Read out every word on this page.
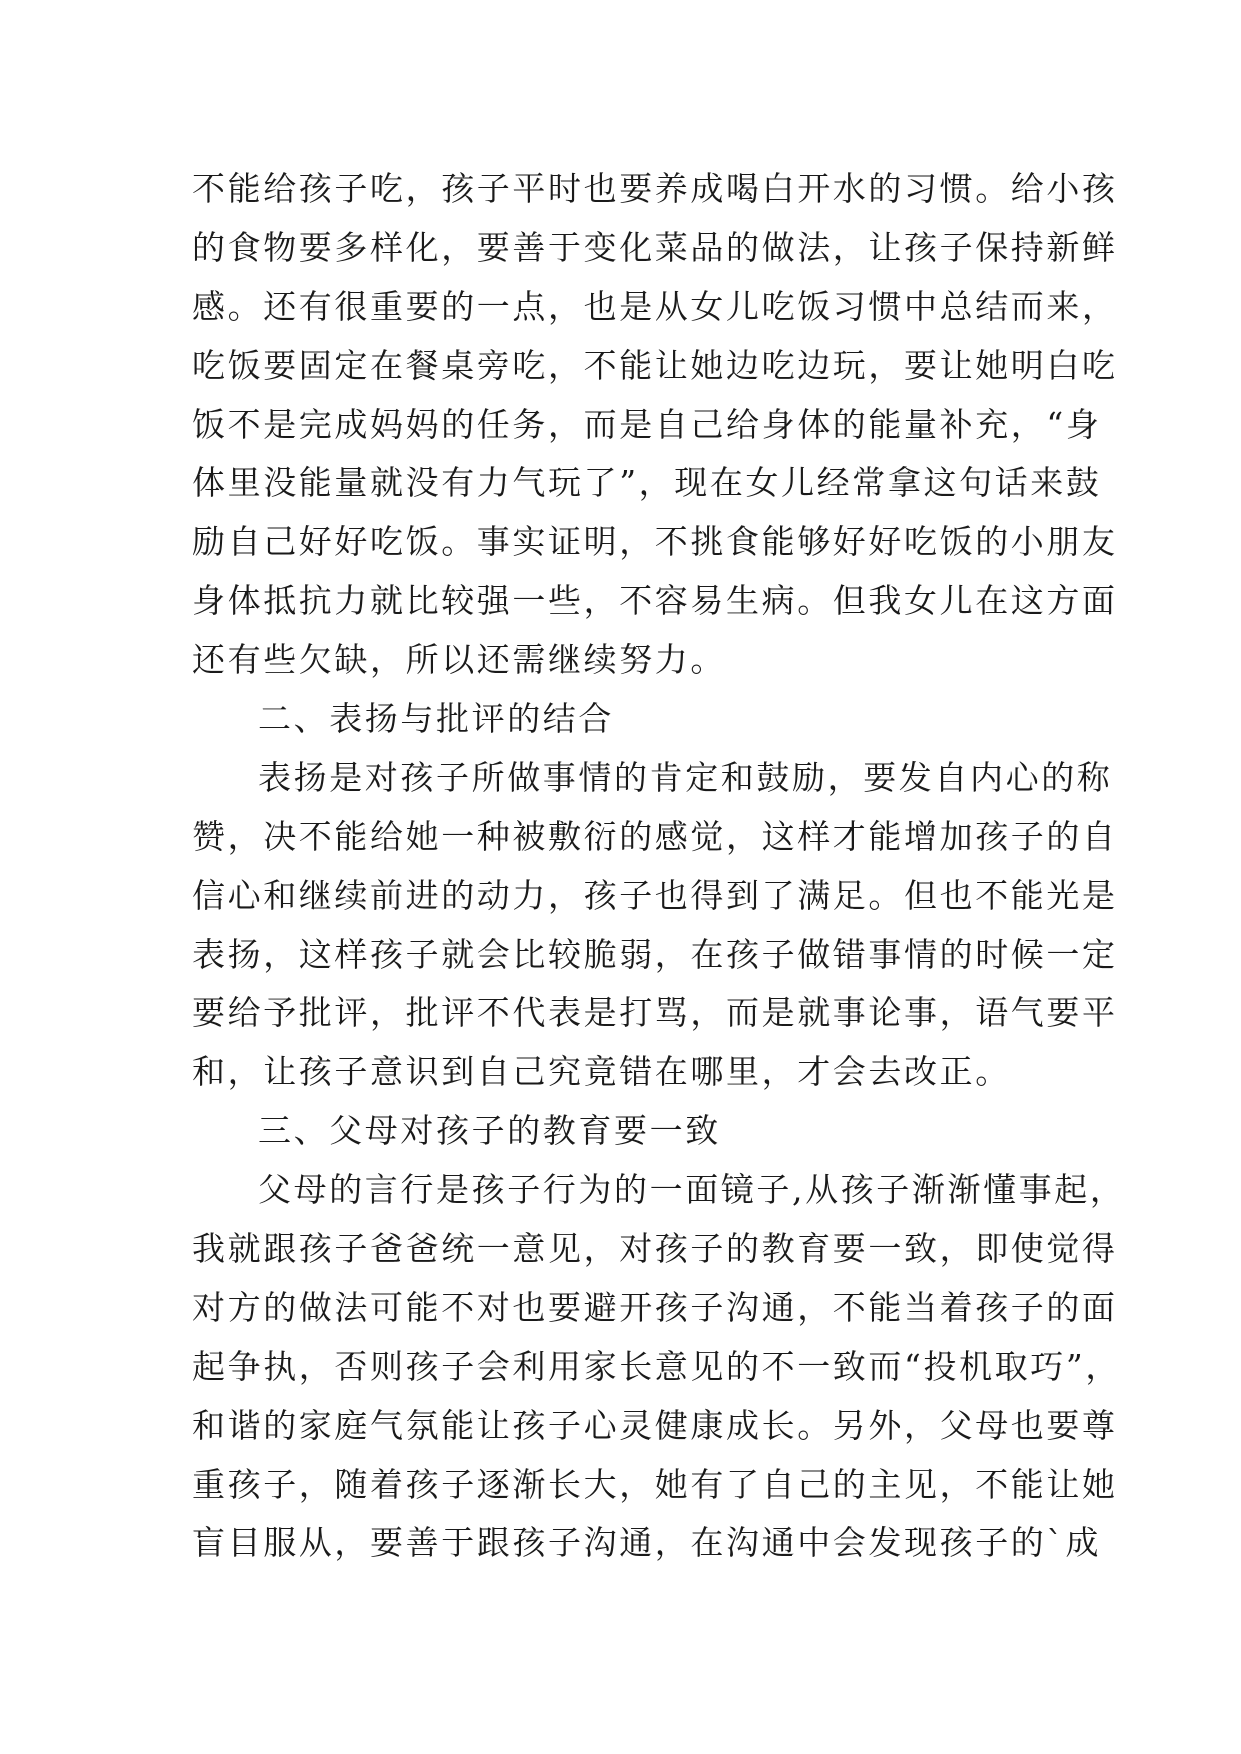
不能给孩子吃，孩子平时也要养成喝白开水的习惯。给小孩
的食物要多样化，要善于变化菜品的做法，让孩子保持新鲜
感。还有很重要的一点，也是从女儿吃饭习惯中总结而来，
吃饭要固定在餐桌旁吃，不能让她边吃边玩，要让她明白吃
饭不是完成妈妈的任务，而是自己给身体的能量补充，“身
体里没能量就没有力气玩了”，现在女儿经常拿这句话来鼓
励自己好好吃饭。事实证明，不挑食能够好好吃饭的小朋友
身体抵抗力就比较强一些，不容易生病。但我女儿在这方面
还有些欠缺，所以还需继续努力。
二、表扬与批评的结合
表扬是对孩子所做事情的肯定和鼓励，要发自内心的称
赞，决不能给她一种被敷衍的感觉，这样才能增加孩子的自
信心和继续前进的动力，孩子也得到了满足。但也不能光是
表扬，这样孩子就会比较脆弱，在孩子做错事情的时候一定
要给予批评，批评不代表是打骂，而是就事论事，语气要平
和，让孩子意识到自己究竟错在哪里，才会去改正。
三、父母对孩子的教育要一致
父母的言行是孩子行为的一面镜子,从孩子渐渐懂事起，
我就跟孩子爸爸统一意见，对孩子的教育要一致，即使觉得
对方的做法可能不对也要避开孩子沟通，不能当着孩子的面
起争执，否则孩子会利用家长意见的不一致而“投机取巧”，
和谐的家庭气氛能让孩子心灵健康成长。另外，父母也要尊
重孩子，随着孩子逐渐长大，她有了自己的主见，不能让她
盲目服从，要善于跟孩子沟通，在沟通中会发现孩子的`成
